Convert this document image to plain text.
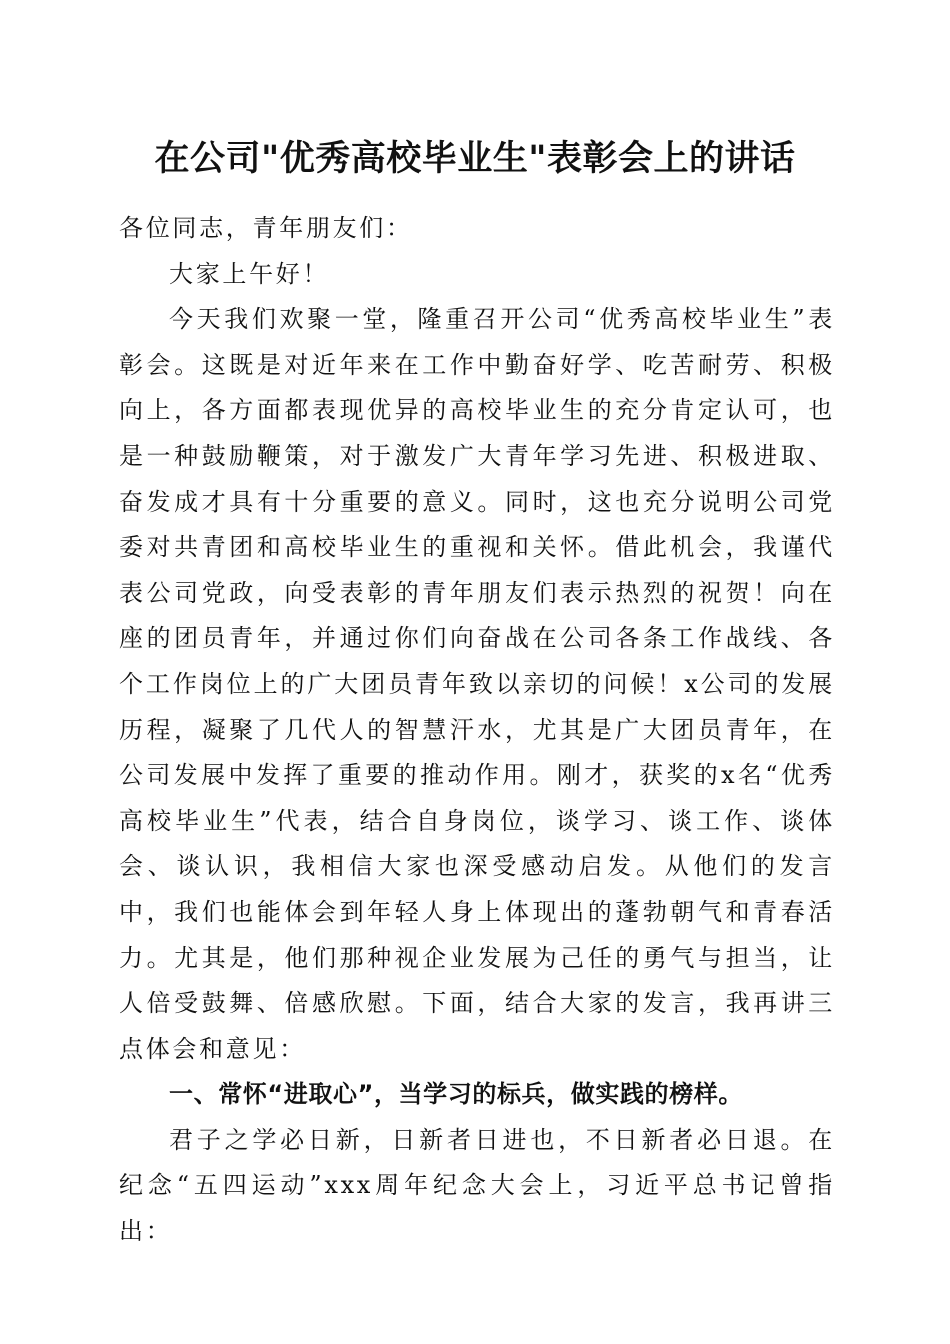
在公司"优秀高校毕业生"表彰会上的讲话

各位同志，青年朋友们：

大家上午好！

今天我们欢聚一堂，隆重召开公司“优秀高校毕业生”表彰会。这既是对近年来在工作中勤奋好学、吃苦耐劳、积极向上，各方面都表现优异的高校毕业生的充分肯定认可，也是一种鼓励鞭策，对于激发广大青年学习先进、积极进取、奋发成才具有十分重要的意义。同时，这也充分说明公司党委对共青团和高校毕业生的重视和关怀。借此机会，我谨代表公司党政，向受表彰的青年朋友们表示热烈的祝贺！向在座的团员青年，并通过你们向奋战在公司各条工作战线、各个工作岗位上的广大团员青年致以亲切的问候！x公司的发展历程，凝聚了几代人的智慧汗水，尤其是广大团员青年，在公司发展中发挥了重要的推动作用。刚才，获奖的x名“优秀高校毕业生”代表，结合自身岗位，谈学习、谈工作、谈体会、谈认识，我相信大家也深受感动启发。从他们的发言中，我们也能体会到年轻人身上体现出的蓬勃朝气和青春活力。尤其是，他们那种视企业发展为己任的勇气与担当，让人倍受鼓舞、倍感欣慰。下面，结合大家的发言，我再讲三点体会和意见：

一、常怀“进取心”，当学习的标兵，做实践的榜样。

君子之学必日新，日新者日进也，不日新者必日退。在纪念“五四运动”xxx周年纪念大会上，习近平总书记曾指出：
